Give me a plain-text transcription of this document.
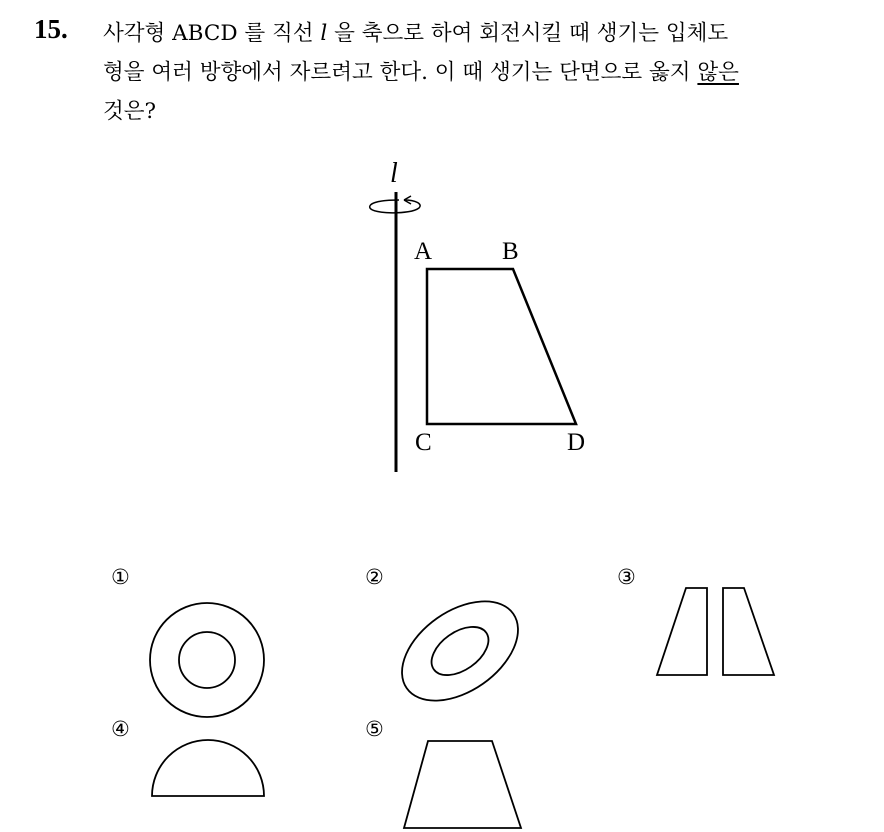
15. 사각형 ABCD 를 직선 l 을 축으로 하여 회전시킬 때 생기는 입체도
형을 여러 방향에서 자르려고 한다. 이 때 생기는 단면으로 옳지 않은
것은?
l
A	B
C	D
①	②	③
④	⑤
